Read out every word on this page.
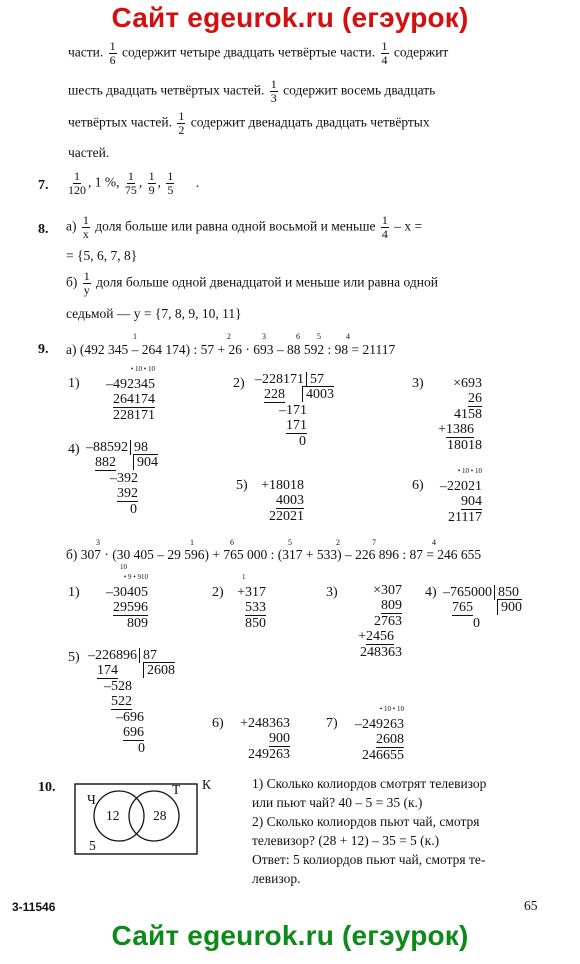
Сайт egeurok.ru (егэурок)
Сайт egeurok.ru (егэурок)
части. $\frac{1}{6}$ содержит четыре двадцать четвёртые части. $\frac{1}{4}$ содержит
шесть двадцать четвёртых частей. $\frac{1}{3}$ содержит восемь двадцать
четвёртых частей. $\frac{1}{2}$ содержит двенадцать двадцать четвёртых
частей.
7. $\frac{1}{120}$ , 1 %, $\frac{1}{75}$ , $\frac{1}{9}$ , $\frac{1}{5}$ .
8. $а) \frac{1}{x}$ доля больше или равна одной восьмой и меньше $\frac{1}{4}$ – x =
= {5, 6, 7, 8}
$б) \frac{1}{y}$ доля больше одной двенадцатой и меньше или равна одной
седьмой — y = {7, 8, 9, 10, 11}
9.
1	2	3	6	4
5
а) (492 345 – 264 174) : 57 + 26 · 693 – 88 592 : 98 = 21117
1)
• 10 • 10
–492345
264174
228171
2) –228171 57
228 4003
–171
171
0
3)	×693
26
4158
+1386
18018
4) –88592 98
882 904
–392
392
0
5) +18018
4003
22021
6)
• 10 • 10
–22021
904
21117
3	1	6	5	2	7	4
б) 307 · (30 405 – 29 596) + 765 000 : (317 + 533) – 226 896 : 87 = 246 655
1)
10
• 9 • 910
–30405
29596
809
2)
1
+317
533
850
3)	×307
809
2763
+2456
248363
4) –765000 850
765 900
0
5) –226896 87
174 2608
–528
522
–696
696
0
6)	+248363
900
249263
7)
• 10 • 10
–249263
2608
246655
10.	К
Ч
Т
12 28
5
1) Сколько колиордов смотрят телевизор
или пьют чай? 40 – 5 = 35 (к.)
2) Сколько колиордов пьют чай, смотря
телевизор? (28 + 12) – 35 = 5 (к.)
Ответ: 5 колиордов пьют чай, смотря те-
левизор.
3-11546	65
